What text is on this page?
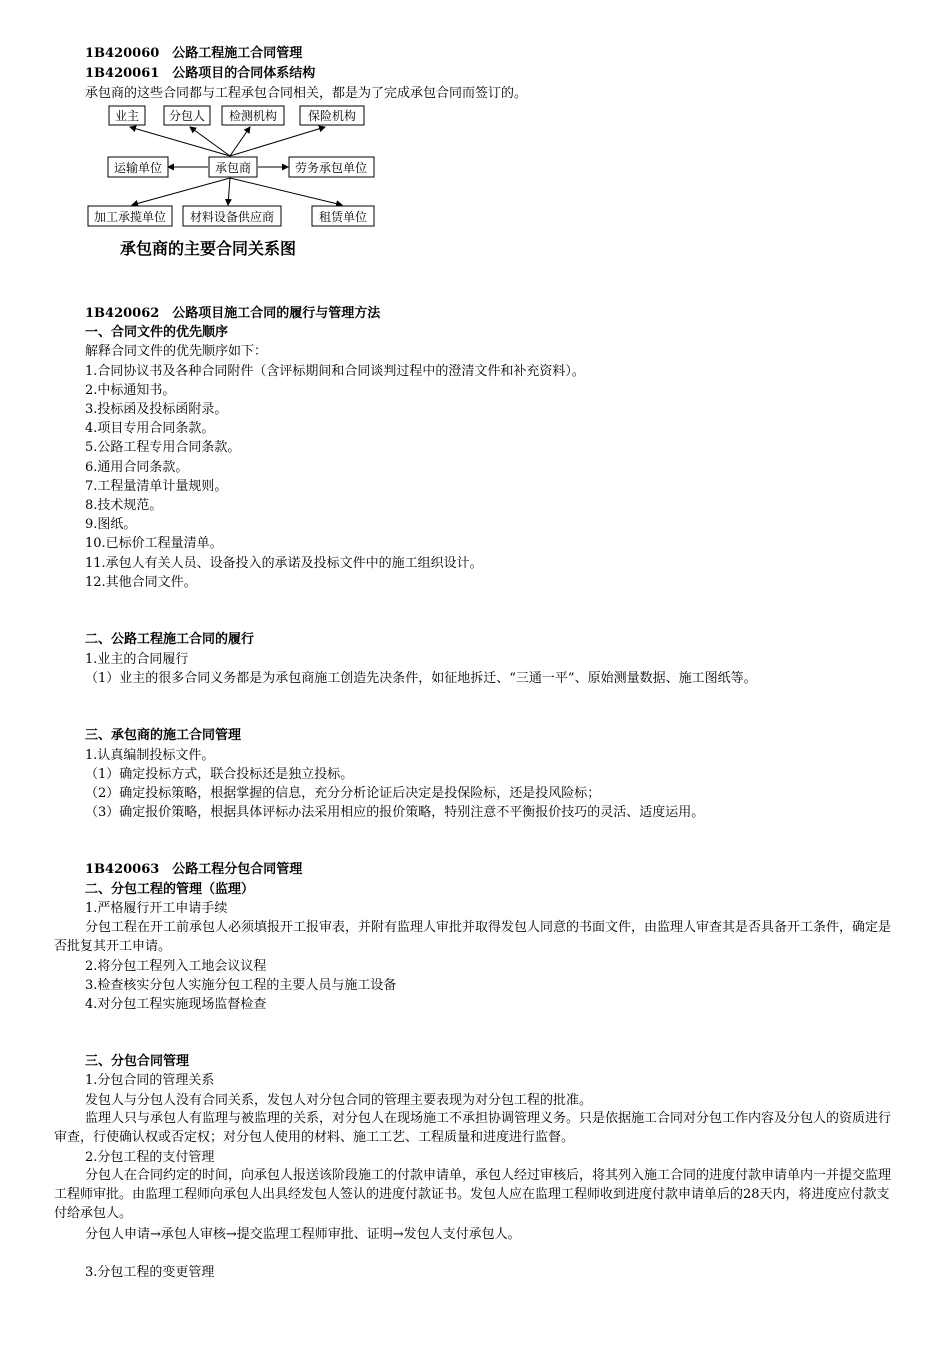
1B420060　公路工程施工合同管理
1B420061　公路项目的合同体系结构
承包商的这些合同都与工程承包合同相关，都是为了完成承包合同而签订的。
业主 分包人 检测机构	保险机构
运输单位	承包商	劳务承包单位
加工承揽单位 材料设备供应商	租赁单位
承包商的主要合同关系图
1B420062　公路项目施工合同的履行与管理方法
一、合同文件的优先顺序
解释合同文件的优先顺序如下：
1.合同协议书及各种合同附件（含评标期间和合同谈判过程中的澄清文件和补充资料）。
2.中标通知书。
3.投标函及投标函附录。
4.项目专用合同条款。
5.公路工程专用合同条款。
6.通用合同条款。
7.工程量清单计量规则。
8.技术规范。
9.图纸。
10.已标价工程量清单。
11.承包人有关人员、设备投入的承诺及投标文件中的施工组织设计。
12.其他合同文件。
二、公路工程施工合同的履行
1.业主的合同履行
（1）业主的很多合同义务都是为承包商施工创造先决条件，如征地拆迁、“三通一平”、原始测量数据、施工图纸等。
三、承包商的施工合同管理
1.认真编制投标文件。
（1）确定投标方式，联合投标还是独立投标。
（2）确定投标策略，根据掌握的信息，充分分析论证后决定是投保险标，还是投风险标；
（3）确定报价策略，根据具体评标办法采用相应的报价策略，特别注意不平衡报价技巧的灵活、适度运用。
1B420063　公路工程分包合同管理
二、分包工程的管理（监理）
1.严格履行开工申请手续
分包工程在开工前承包人必须填报开工报审表，并附有监理人审批并取得发包人同意的书面文件，由监理人审查其是否具备开工条件，确定是否批复其开工申请。
2.将分包工程列入工地会议议程
3.检查核实分包人实施分包工程的主要人员与施工设备
4.对分包工程实施现场监督检查
三、分包合同管理
1.分包合同的管理关系
发包人与分包人没有合同关系，发包人对分包合同的管理主要表现为对分包工程的批准。
监理人只与承包人有监理与被监理的关系，对分包人在现场施工不承担协调管理义务。只是依据施工合同对分包工作内容及分包人的资质进行审查，行使确认权或否定权；对分包人使用的材料、施工工艺、工程质量和进度进行监督。
2.分包工程的支付管理
分包人在合同约定的时间，向承包人报送该阶段施工的付款申请单，承包人经过审核后，将其列入施工合同的进度付款申请单内一并提交监理工程师审批。由监理工程师向承包人出具经发包人签认的进度付款证书。发包人应在监理工程师收到进度付款申请单后的28天内，将进度应付款支付给承包人。
分包人申请→承包人审核→提交监理工程师审批、证明→发包人支付承包人。
3.分包工程的变更管理
